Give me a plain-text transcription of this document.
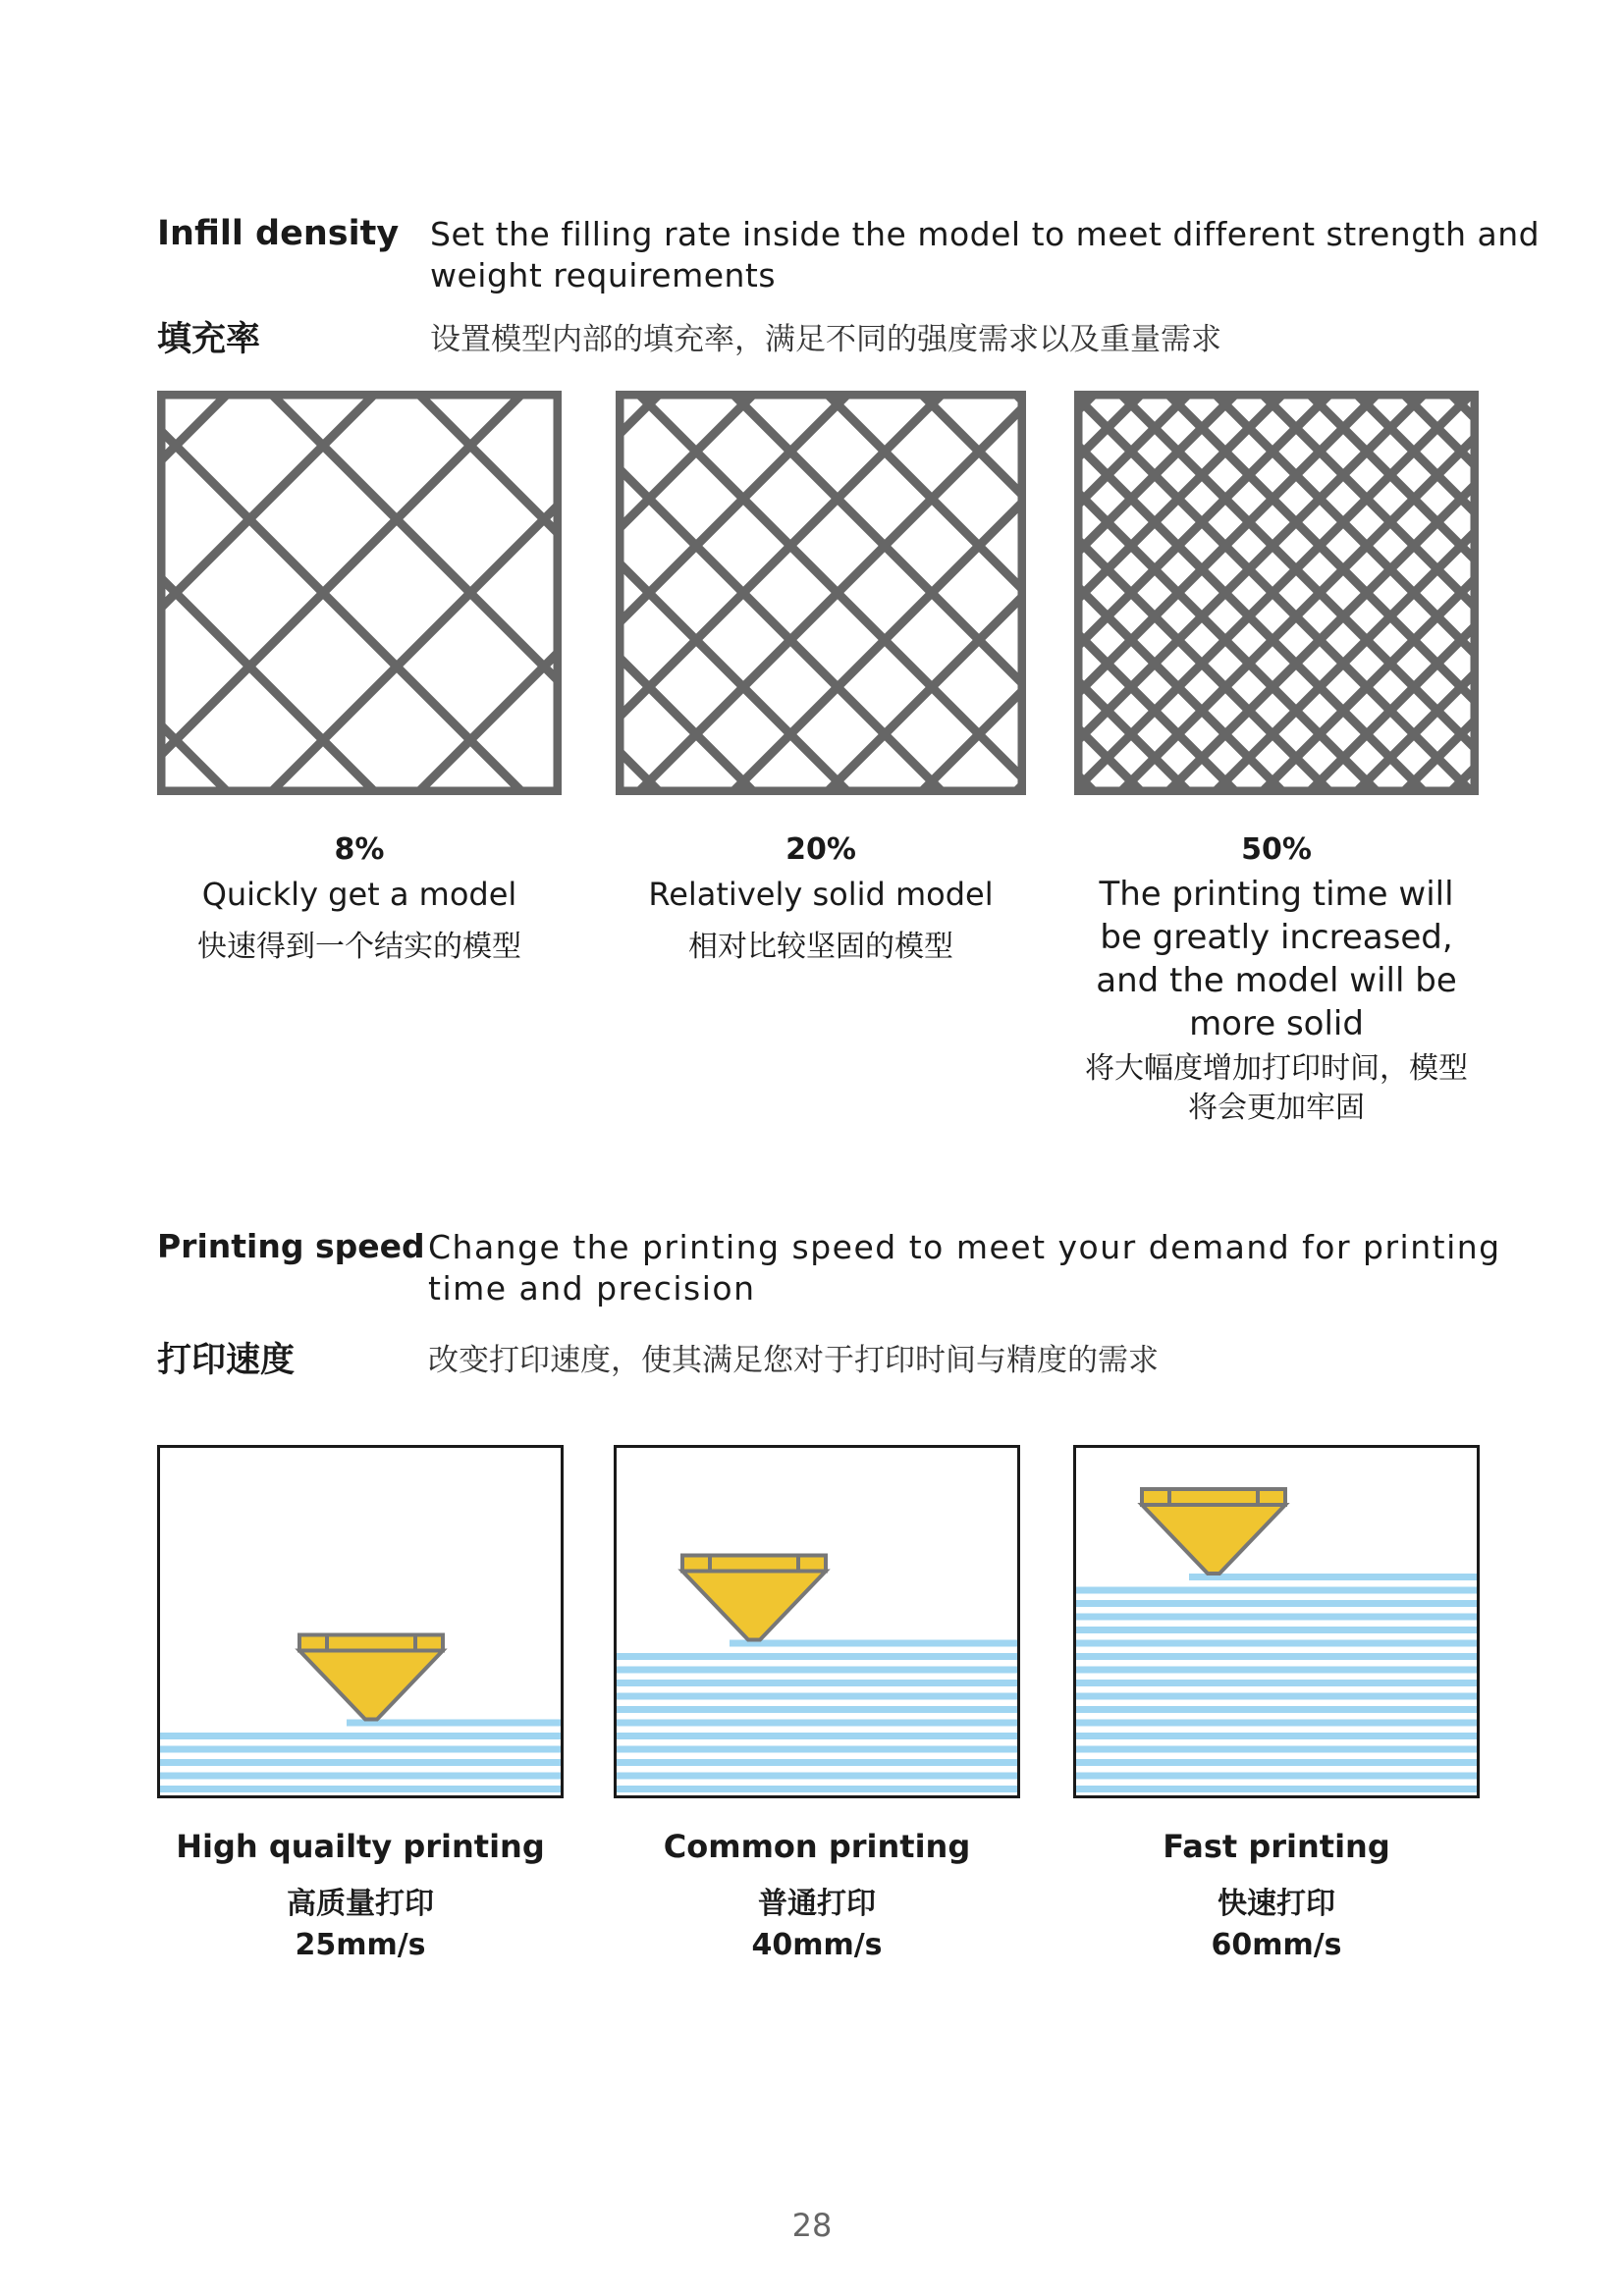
Infill density Set the filling rate inside the model to meet different strength and weight requirements
填充率	设置模型内部的填充率，满足不同的强度需求以及重量需求
8%
Quickly get a model
快速得到一个结实的模型
20%
Relatively solid model
相对比较坚固的模型
50%
The printing time will be greatly increased, and the model will be more solid
将大幅度增加打印时间，模型将会更加牢固
Printing speed Change the printing speed to meet your demand for printing time and precision
打印速度	改变打印速度，使其满足您对于打印时间与精度的需求
High quailty printing
高质量打印
25mm/s
Common printing
普通打印
40mm/s
Fast printing
快速打印
60mm/s
28
